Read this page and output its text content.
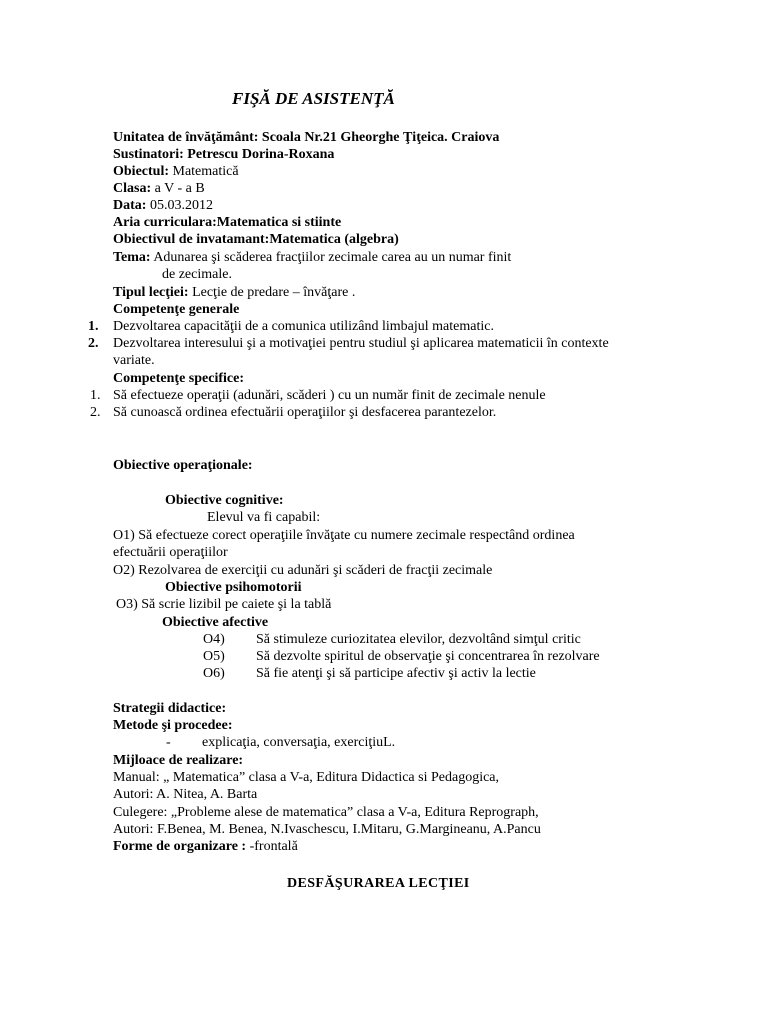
FIŞĂ DE ASISTENŢĂ
Unitatea de învăţământ: Scoala Nr.21 Gheorghe Ţiţeica. Craiova
Sustinatori: Petrescu Dorina-Roxana
Obiectul: Matematică
Clasa: a V - a B
Data: 05.03.2012
Aria curriculara:Matematica si stiinte
Obiectivul de invatamant:Matematica (algebra)
Tema: Adunarea şi scăderea fracţiilor zecimale carea au un numar finit
de zecimale.
Tipul lecţiei: Lecţie de predare – învăţare .
Competenţe generale
1. Dezvoltarea capacităţii de a comunica utilizând limbajul matematic.
2. Dezvoltarea interesului şi a motivaţiei pentru studiul şi aplicarea matematicii în contexte
variate.
Competenţe specifice:
1. Să efectueze operaţii (adunări, scăderi ) cu un număr finit de zecimale nenule
2. Să cunoască ordinea efectuării operaţiilor şi desfacerea parantezelor.
Obiective operaţionale:
Obiective cognitive:
Elevul va fi capabil:
O1) Să efectueze corect operaţiile învăţate cu numere zecimale respectând ordinea
efectuării operaţiilor
O2) Rezolvarea de exerciţii cu adunări şi scăderi de fracţii zecimale
Obiective psihomotorii
O3) Să scrie lizibil pe caiete şi la tablă
Obiective afective
O4) Să stimuleze curiozitatea elevilor, dezvoltând simţul critic
O5) Să dezvolte spiritul de observaţie şi concentrarea în rezolvare
O6) Să fie atenţi şi să participe afectiv şi activ la lectie
Strategii didactice:
Metode şi procedee:
- explicaţia, conversaţia, exerciţiuL.
Mijloace de realizare:
Manual: „ Matematica” clasa a V-a, Editura Didactica si Pedagogica,
Autori: A. Nitea, A. Barta
Culegere: „Probleme alese de matematica” clasa a V-a, Editura Reprograph,
Autori: F.Benea, M. Benea, N.Ivaschescu, I.Mitaru, G.Margineanu, A.Pancu
Forme de organizare : -frontală
DESFĂŞURAREA LECŢIEI
